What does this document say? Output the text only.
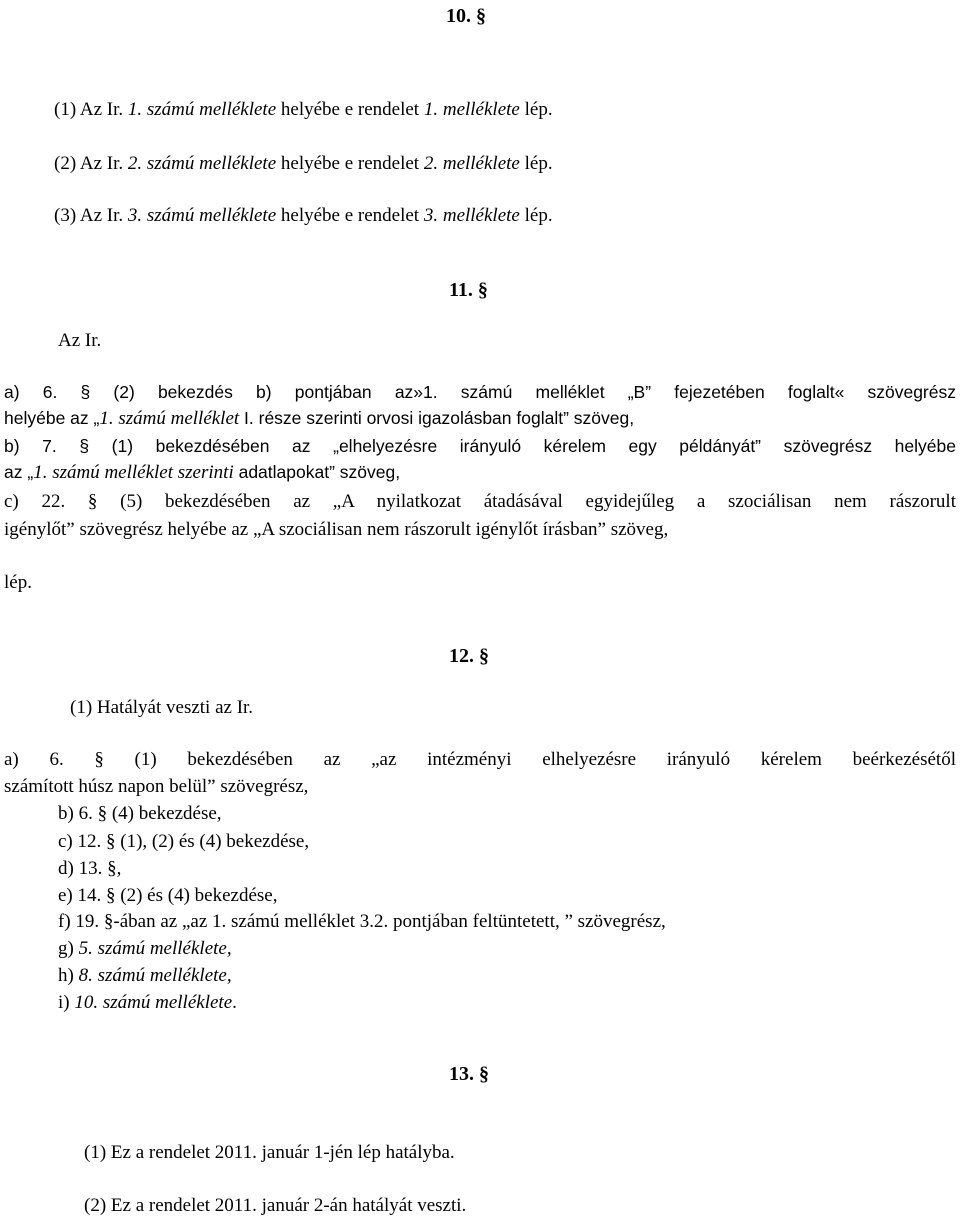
10. §
(1) Az Ir. 1. számú melléklete helyébe e rendelet 1. melléklete lép.
(2) Az Ir. 2. számú melléklete helyébe e rendelet 2. melléklete lép.
(3) Az Ir. 3. számú melléklete helyébe e rendelet 3. melléklete lép.
11. §
Az Ir.
a) 6. § (2) bekezdés b) pontjában az»1. számú melléklet „B” fejezetében foglalt« szövegrész
helyébe az „1. számú melléklet I. része szerinti orvosi igazolásban foglalt” szöveg,
b) 7. § (1) bekezdésében az „elhelyezésre irányuló kérelem egy példányát” szövegrész helyébe
az „1. számú melléklet szerinti adatlapokat” szöveg,
c) 22. § (5) bekezdésében az „A nyilatkozat átadásával egyidejűleg a szociálisan nem rászorult
igénylőt” szövegrész helyébe az „A szociálisan nem rászorult igénylőt írásban” szöveg,
lép.
12. §
(1) Hatályát veszti az Ir.
a) 6. § (1) bekezdésében az „az intézményi elhelyezésre irányuló kérelem beérkezésétől
számított húsz napon belül” szövegrész,
b) 6. § (4) bekezdése,
c) 12. § (1), (2) és (4) bekezdése,
d) 13. §,
e) 14. § (2) és (4) bekezdése,
f) 19. §-ában az „az 1. számú melléklet 3.2. pontjában feltüntetett, ” szövegrész,
g) 5. számú melléklete,
h) 8. számú melléklete,
i) 10. számú melléklete.
13. §
(1) Ez a rendelet 2011. január 1-jén lép hatályba.
(2) Ez a rendelet 2011. január 2-án hatályát veszti.
